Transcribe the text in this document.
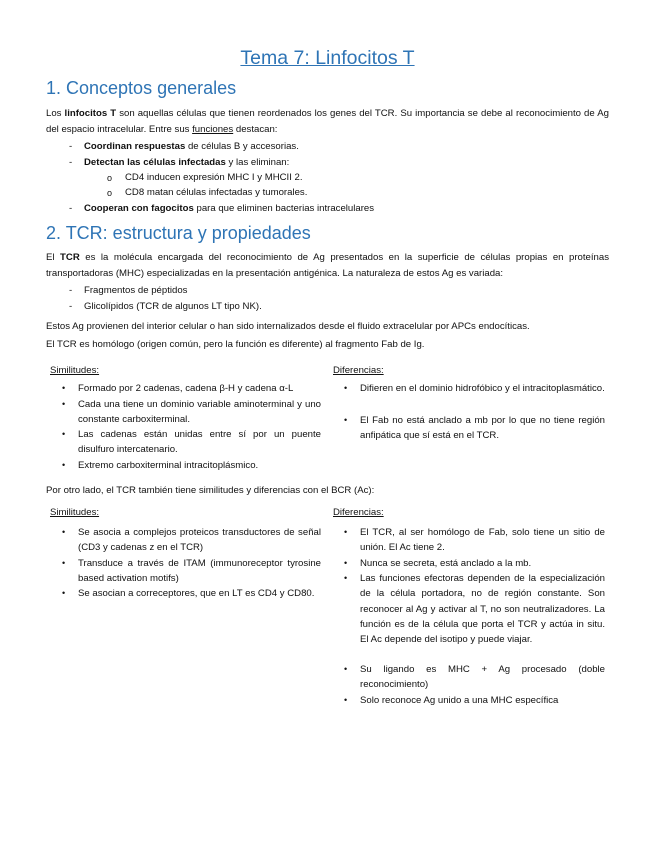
Tema 7: Linfocitos T
1. Conceptos generales
Los linfocitos T son aquellas células que tienen reordenados los genes del TCR. Su importancia se debe al reconocimiento de Ag del espacio intracelular. Entre sus funciones destacan:
- Coordinan respuestas de células B y accesorias.
- Detectan las células infectadas y las eliminan:
o CD4 inducen expresión MHC I y MHCII 2.
o CD8 matan células infectadas y tumorales.
- Cooperan con fagocitos para que eliminen bacterias intracelulares
2. TCR: estructura y propiedades
El TCR es la molécula encargada del reconocimiento de Ag presentados en la superficie de células propias en proteínas transportadoras (MHC) especializadas en la presentación antigénica. La naturaleza de estos Ag es variada:
- Fragmentos de péptidos
- Glicolípidos (TCR de algunos LT tipo NK).
Estos Ag provienen del interior celular o han sido internalizados desde el fluido extracelular por APCs endocíticas.
El TCR es homólogo (origen común, pero la función es diferente) al fragmento Fab de Ig.
Similitudes:	Diferencias:
• Formado por 2 cadenas, cadena β-H y cadena α-L
• Cada una tiene un dominio variable aminoterminal y uno constante carboxiterminal.
• Las cadenas están unidas entre sí por un puente disulfuro intercatenario.
• Extremo carboxiterminal intracitoplásmico.
• Difieren en el dominio hidrofóbico y el intracitoplasmático.
• El Fab no está anclado a mb por lo que no tiene región anfipática que sí está en el TCR.
Por otro lado, el TCR también tiene similitudes y diferencias con el BCR (Ac):
Similitudes:	Diferencias:
• Se asocia a complejos proteicos transductores de señal (CD3 y cadenas z en el TCR)
• Transduce a través de ITAM (immunoreceptor tyrosine based activation motifs)
• Se asocian a correceptores, que en LT es CD4 y CD80.
• El TCR, al ser homólogo de Fab, solo tiene un sitio de unión. El Ac tiene 2.
• Nunca se secreta, está anclado a la mb.
• Las funciones efectoras dependen de la especialización de la célula portadora, no de región constante. Son reconocer al Ag y activar al T, no son neutralizadores. La función es de la célula que porta el TCR y actúa in situ. El Ac depende del isotipo y puede viajar.
• Su ligando es MHC + Ag procesado (doble reconocimiento)
• Solo reconoce Ag unido a una MHC específica
